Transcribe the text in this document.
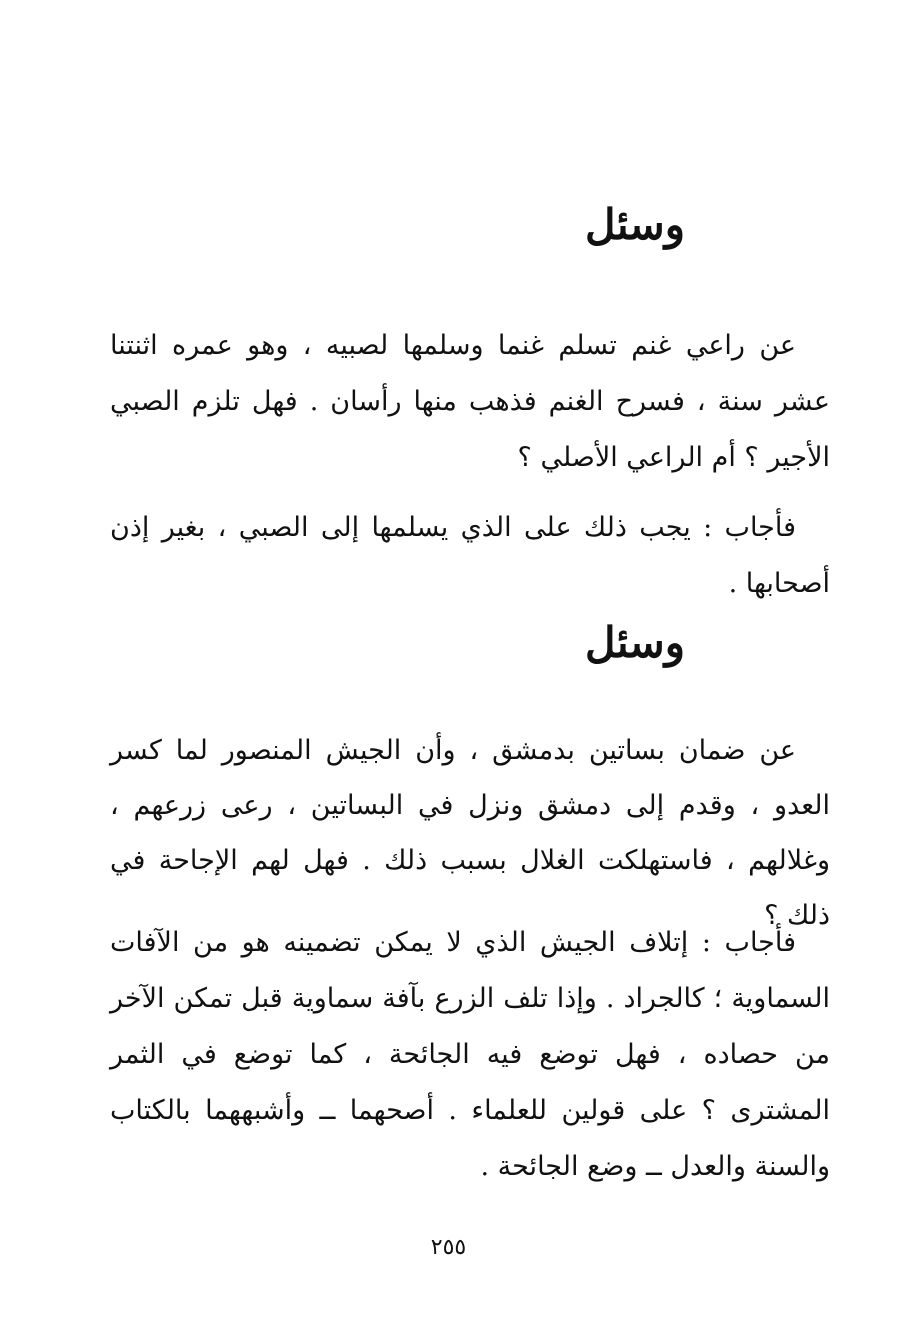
وسئل

عن راعي غنم تسلم غنما وسلمها لصبيه ، وهو عمره اثنتنا عشر سنة ، فسرح الغنم فذهب منها رأسان . فهل تلزم الصبي الأجير ؟ أم الراعي الأصلي ؟

فأجاب : يجب ذلك على الذي يسلمها إلى الصبي ، بغير إذن أصحابها .

وسئل

عن ضمان بساتين بدمشق ، وأن الجيش المنصور لما كسر العدو ، وقدم إلى دمشق ونزل في البساتين ، رعى زرعهم ، وغلالهم ، فاستهلكت الغلال بسبب ذلك . فهل لهم الإجاحة في ذلك ؟

فأجاب : إتلاف الجيش الذي لا يمكن تضمينه هو من الآفات السماوية ؛ كالجراد . وإذا تلف الزرع بآفة سماوية قبل تمكن الآخر من حصاده ، فهل توضع فيه الجائحة ، كما توضع في الثمر المشترى ؟ على قولين للعلماء . أصحهما ــ وأشبههما بالكتاب والسنة والعدل ــ وضع الجائحة .

٢٥٥
